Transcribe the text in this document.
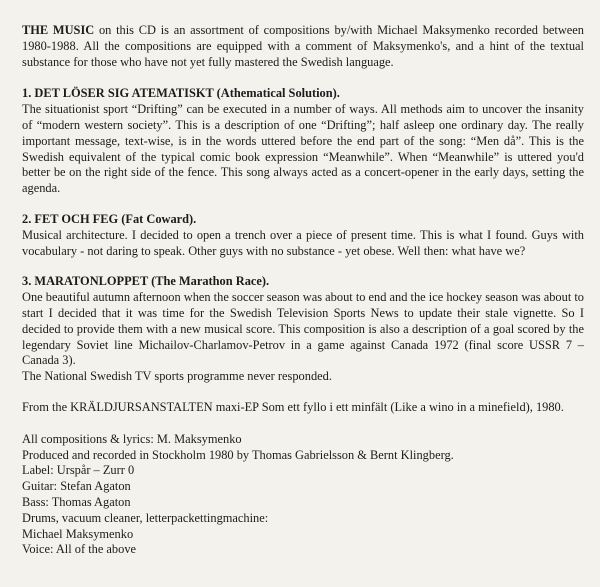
THE MUSIC on this CD is an assortment of compositions by/with Michael Maksymenko recorded between 1980-1988. All the compositions are equipped with a comment of Maksymenko's, and a hint of the textual substance for those who have not yet fully mastered the Swedish language.

1. DET LÖSER SIG ATEMATISKT (Athematical Solution).

The situationist sport “Drifting” can be executed in a number of ways. All methods aim to uncover the insanity of “modern western society”. This is a description of one “Drifting”; half asleep one ordinary day. The really important message, text-wise, is in the words uttered before the end part of the song: “Men då”. This is the Swedish equivalent of the typical comic book expression “Meanwhile”. When “Meanwhile” is uttered you'd better be on the right side of the fence. This song always acted as a concert-opener in the early days, setting the agenda.

2. FET OCH FEG (Fat Coward).

Musical architecture. I decided to open a trench over a piece of present time. This is what I found. Guys with vocabulary - not daring to speak. Other guys with no substance - yet obese. Well then: what have we?

3. MARATONLOPPET (The Marathon Race).

One beautiful autumn afternoon when the soccer season was about to end and the ice hockey season was about to start I decided that it was time for the Swedish Television Sports News to update their stale vignette. So I decided to provide them with a new musical score. This composition is also a description of a goal scored by the legendary Soviet line Michailov-Charlamov-Petrov in a game against Canada 1972 (final score USSR 7 – Canada 3).

The National Swedish TV sports programme never responded.

From the KRÄLDJURSANSTALTEN maxi-EP Som ett fyllo i ett minfält (Like a wino in a minefield), 1980.

All compositions & lyrics: M. Maksymenko

Produced and recorded in Stockholm 1980 by Thomas Gabrielsson & Bernt Klingberg.

Label: Urspår – Zurr 0

Guitar: Stefan Agaton

Bass: Thomas Agaton

Drums, vacuum cleaner, letterpackettingmachine:

Michael Maksymenko

Voice: All of the above
